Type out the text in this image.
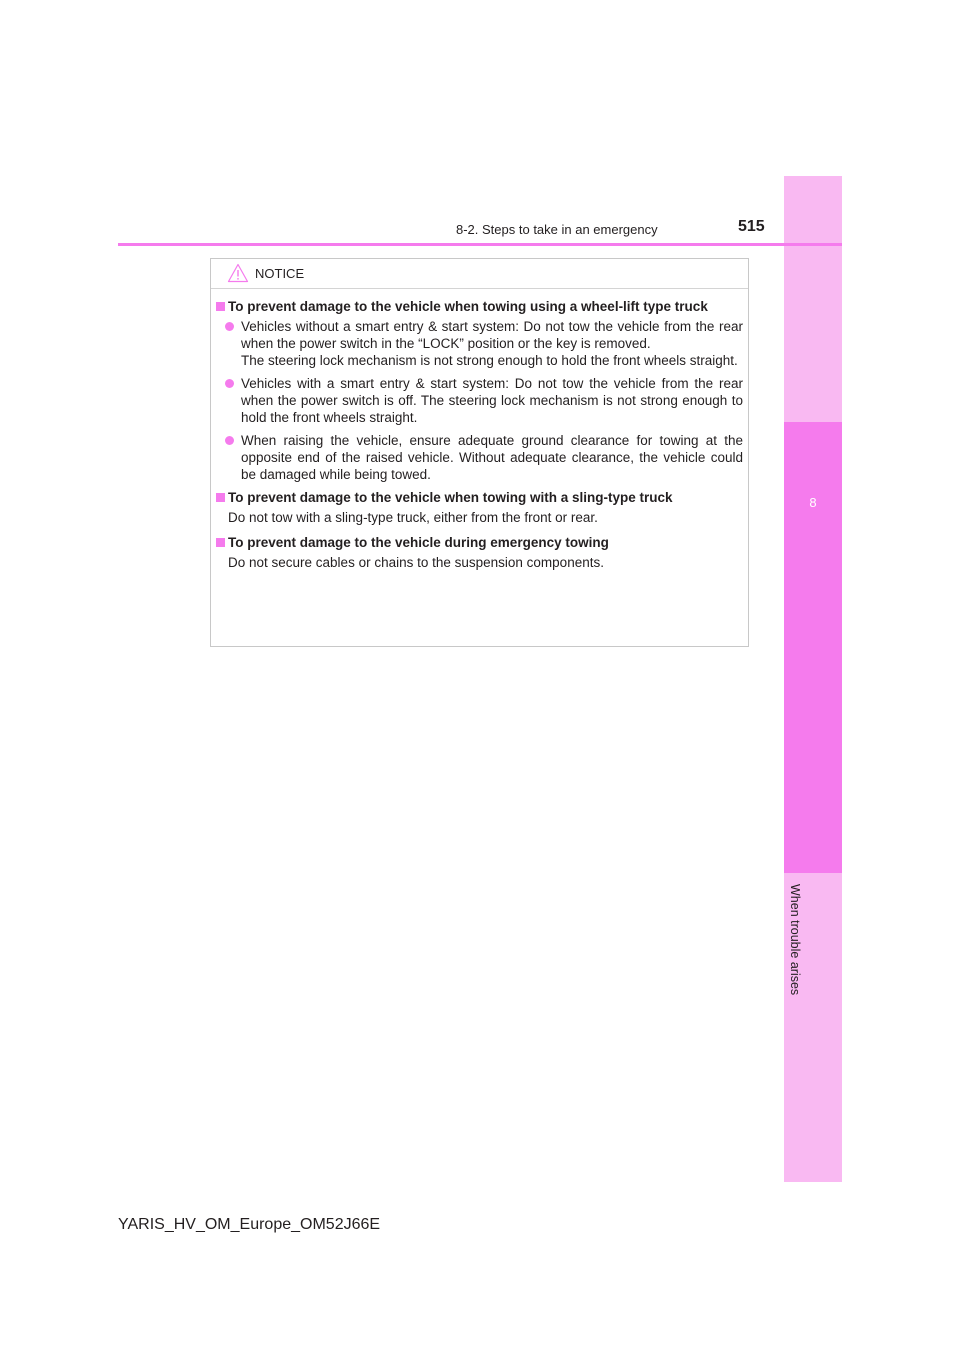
8
When trouble arises
8-2. Steps to take in an emergency	515
NOTICE
To prevent damage to the vehicle when towing using a wheel-lift type truck

Vehicles without a smart entry & start system: Do not tow the vehicle from the rear when the power switch in the “LOCK” position or the key is removed.

The steering lock mechanism is not strong enough to hold the front wheels straight.

Vehicles with a smart entry & start system: Do not tow the vehicle from the rear when the power switch is off. The steering lock mechanism is not strong enough to hold the front wheels straight.

When raising the vehicle, ensure adequate ground clearance for towing at the opposite end of the raised vehicle. Without adequate clearance, the vehicle could be damaged while being towed.

To prevent damage to the vehicle when towing with a sling-type truck
Do not tow with a sling-type truck, either from the front or rear.
To prevent damage to the vehicle during emergency towing
Do not secure cables or chains to the suspension components.
YARIS_HV_OM_Europe_OM52J66E
